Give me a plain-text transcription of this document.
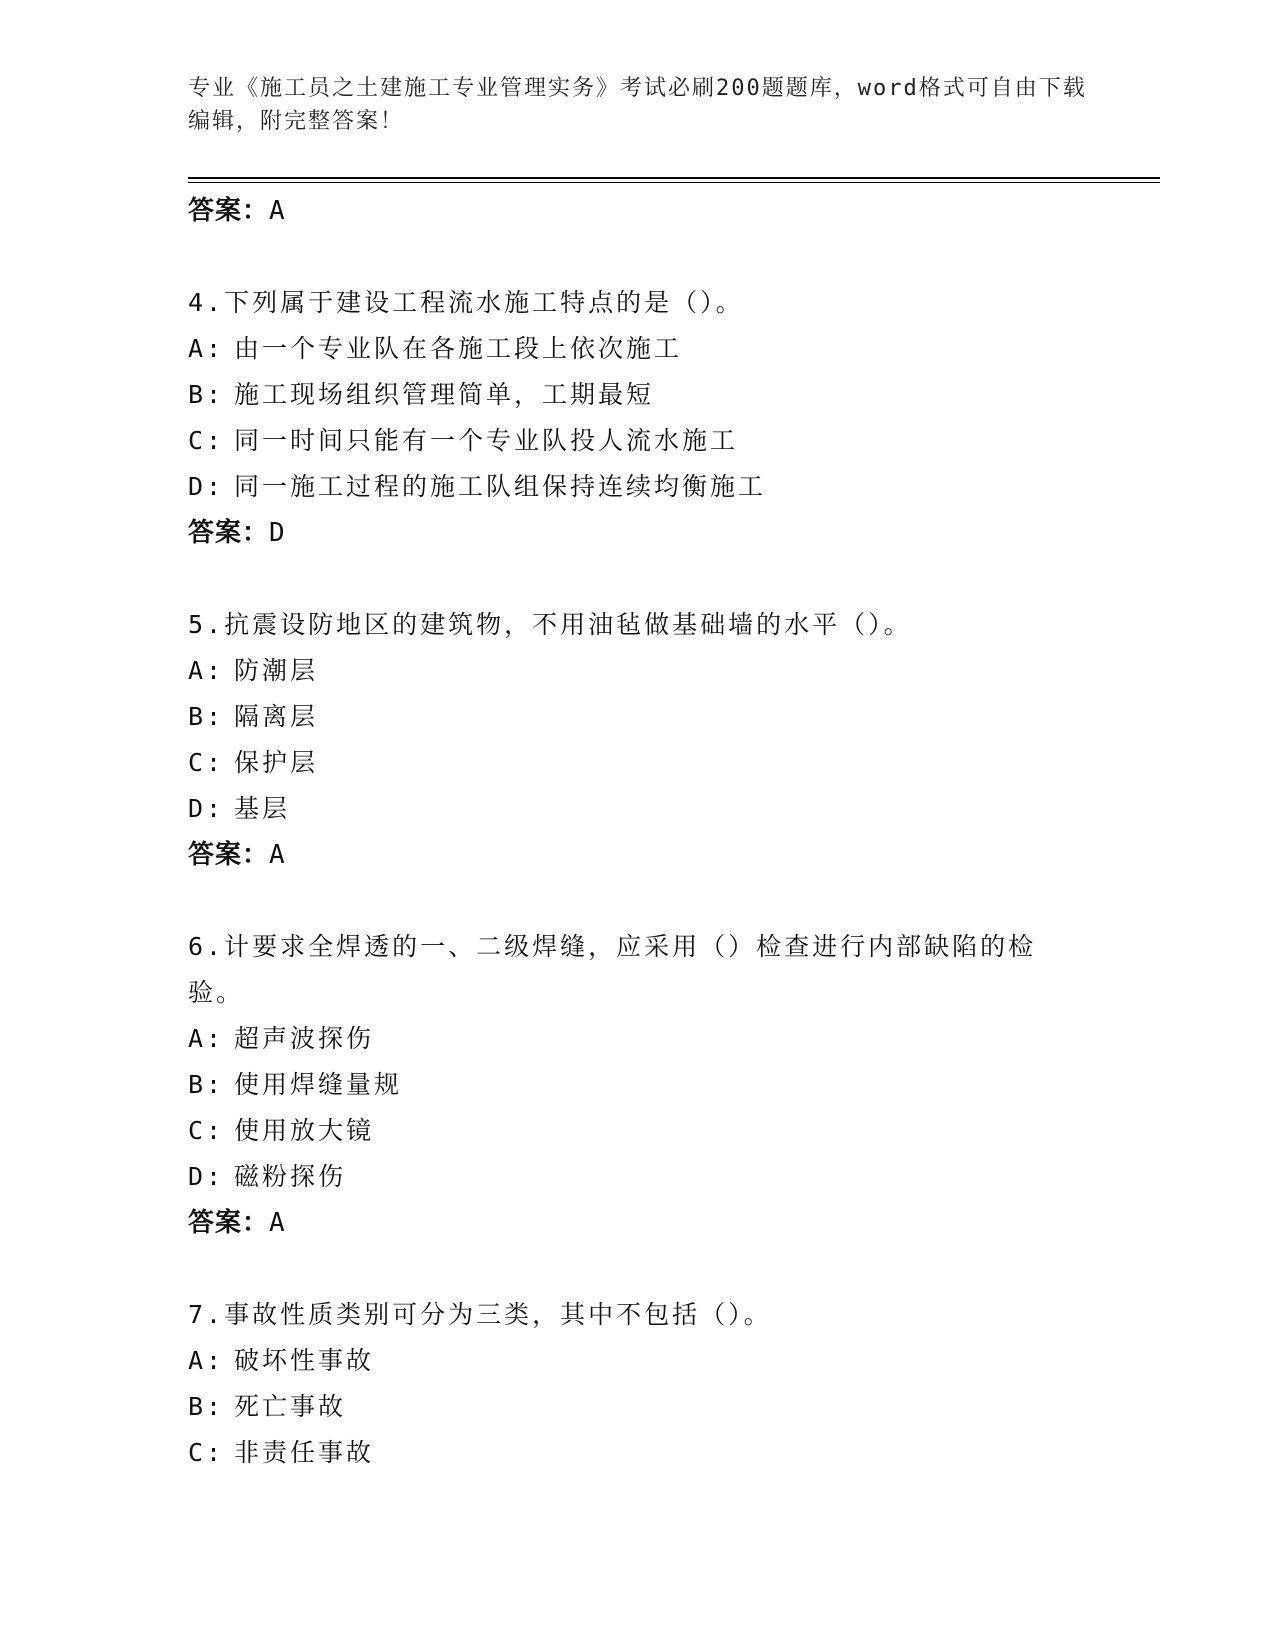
专业《施工员之土建施工专业管理实务》考试必刷200题题库，word格式可自由下载编辑，附完整答案！
答案：A
4.下列属于建设工程流水施工特点的是（）。
A: 由一个专业队在各施工段上依次施工
B: 施工现场组织管理简单，工期最短
C: 同一时间只能有一个专业队投人流水施工
D: 同一施工过程的施工队组保持连续均衡施工
答案：D
5.抗震设防地区的建筑物，不用油毡做基础墙的水平（）。
A: 防潮层
B: 隔离层
C: 保护层
D: 基层
答案：A
6.计要求全焊透的一、二级焊缝，应采用（）检查进行内部缺陷的检验。
A: 超声波探伤
B: 使用焊缝量规
C: 使用放大镜
D: 磁粉探伤
答案：A
7.事故性质类别可分为三类，其中不包括（）。
A: 破坏性事故
B: 死亡事故
C: 非责任事故
